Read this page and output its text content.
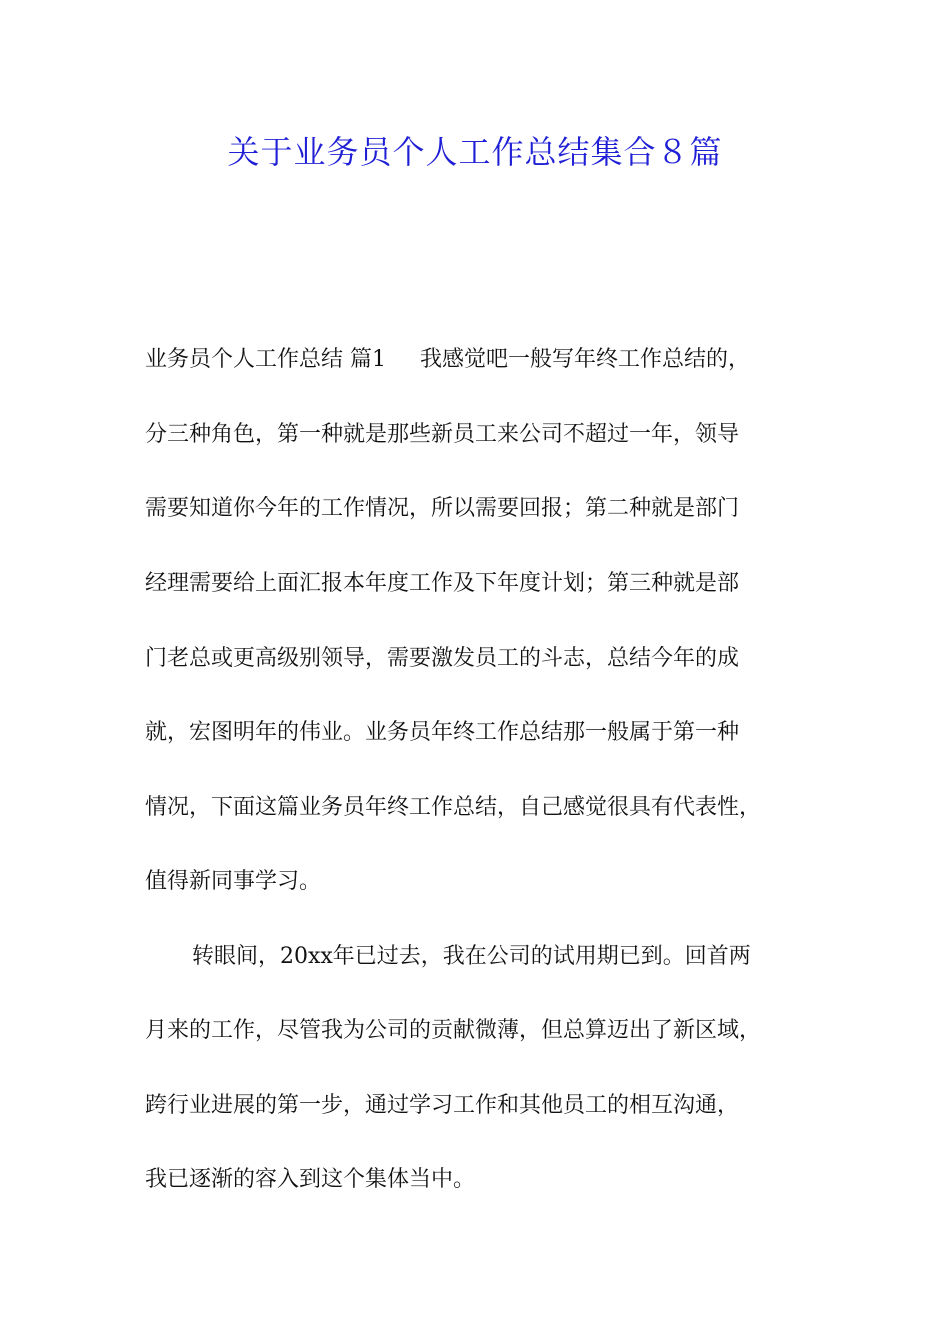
关于业务员个人工作总结集合８篇
业务员个人工作总结 篇1 我感觉吧一般写年终工作总结的，
分三种角色，第一种就是那些新员工来公司不超过一年，领导
需要知道你今年的工作情况，所以需要回报；第二种就是部门
经理需要给上面汇报本年度工作及下年度计划；第三种就是部
门老总或更高级别领导，需要激发员工的斗志，总结今年的成
就，宏图明年的伟业。业务员年终工作总结那一般属于第一种
情况，下面这篇业务员年终工作总结，自己感觉很具有代表性，
值得新同事学习。
转眼间，20xx年已过去，我在公司的试用期已到。回首两
月来的工作，尽管我为公司的贡献微薄，但总算迈出了新区域，
跨行业进展的第一步，通过学习工作和其他员工的相互沟通，
我已逐渐的容入到这个集体当中。
